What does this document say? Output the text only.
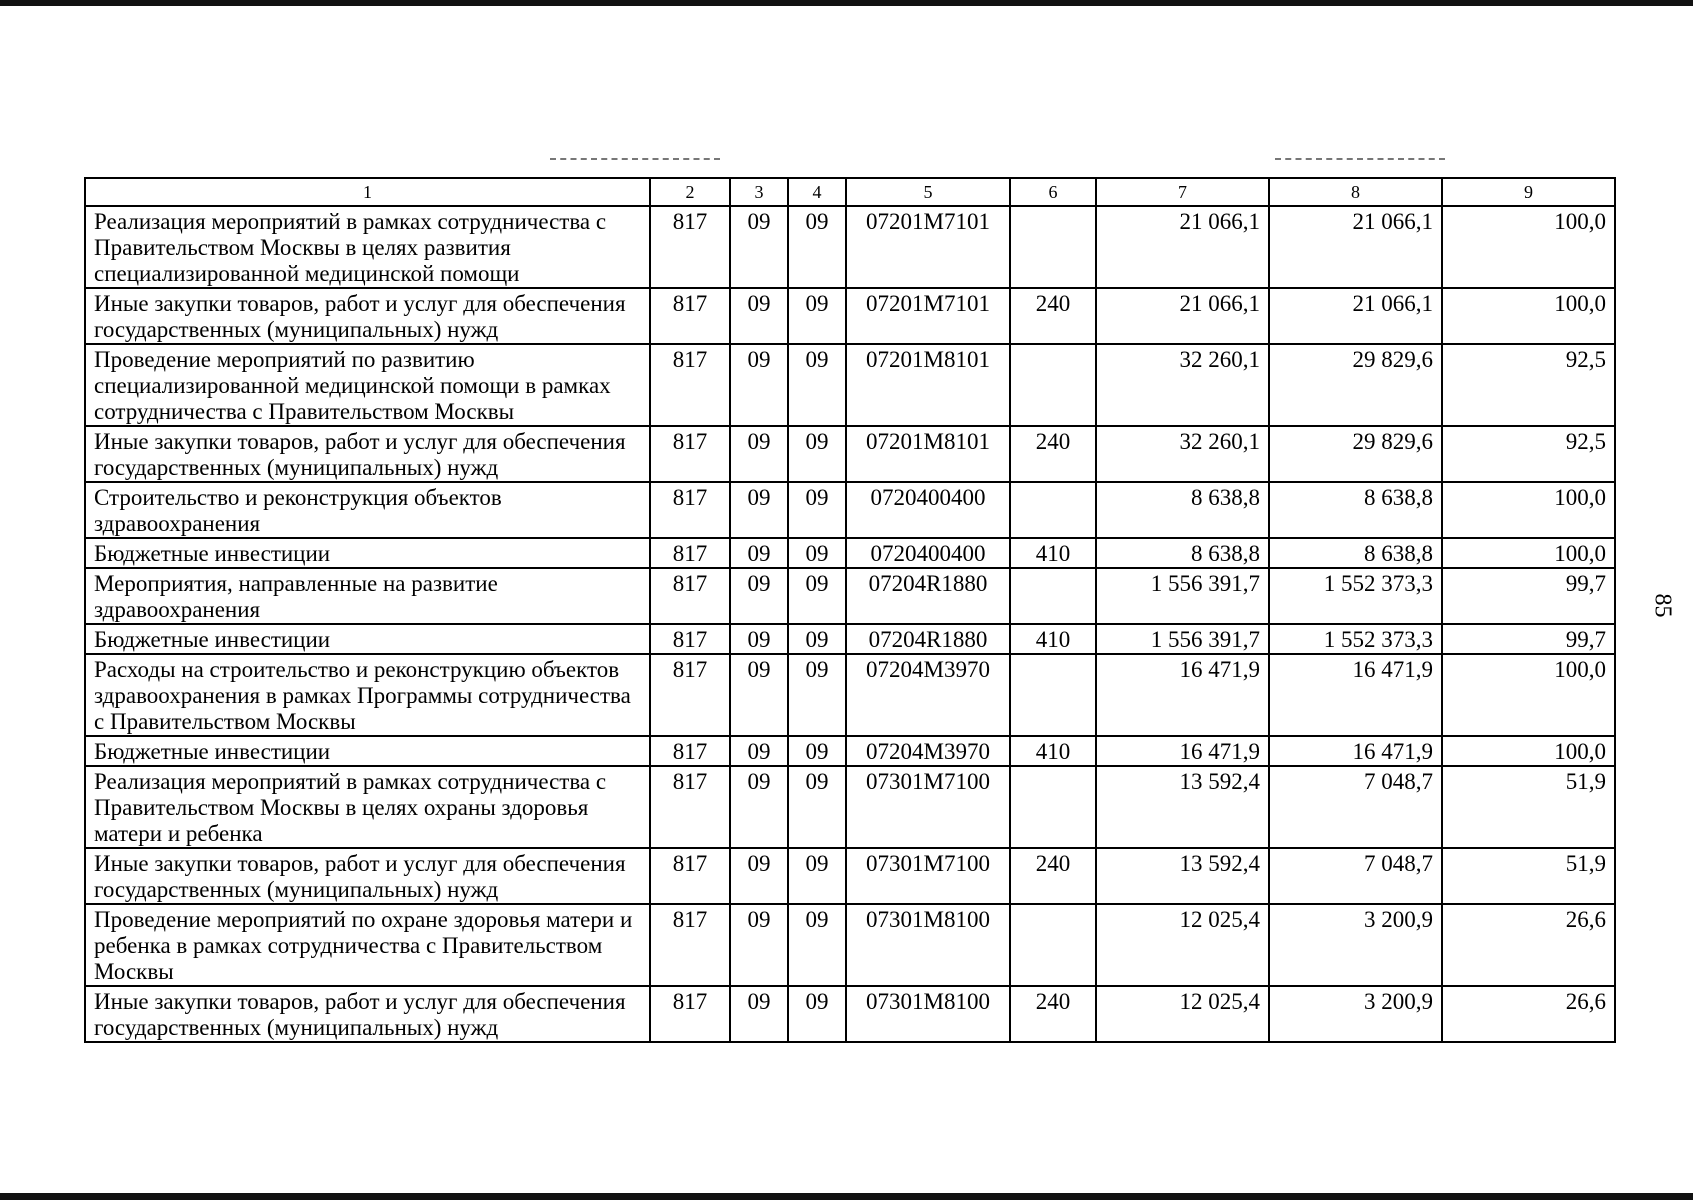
1	2	3	4	5	6	7	8	9
Реализация мероприятий в рамках сотрудничества с Правительством Москвы в целях развития специализированной медицинской помощи	817	09	09	07201M7101		21 066,1	21 066,1	100,0
Иные закупки товаров, работ и услуг для обеспечения государственных (муниципальных) нужд	817	09	09	07201M7101	240	21 066,1	21 066,1	100,0
Проведение мероприятий по развитию специализированной медицинской помощи в рамках сотрудничества с Правительством Москвы	817	09	09	07201M8101		32 260,1	29 829,6	92,5
Иные закупки товаров, работ и услуг для обеспечения государственных (муниципальных) нужд	817	09	09	07201M8101	240	32 260,1	29 829,6	92,5
Строительство и реконструкция объектов здравоохранения	817	09	09	0720400400		8 638,8	8 638,8	100,0
Бюджетные инвестиции	817	09	09	0720400400	410	8 638,8	8 638,8	100,0
Мероприятия, направленные на развитие здравоохранения	817	09	09	07204R1880		1 556 391,7	1 552 373,3	99,7
Бюджетные инвестиции	817	09	09	07204R1880	410	1 556 391,7	1 552 373,3	99,7
Расходы на строительство и реконструкцию объектов здравоохранения в рамках Программы сотрудничества с Правительством Москвы	817	09	09	07204M3970		16 471,9	16 471,9	100,0
Бюджетные инвестиции	817	09	09	07204M3970	410	16 471,9	16 471,9	100,0
Реализация мероприятий в рамках сотрудничества с Правительством Москвы в целях охраны здоровья матери и ребенка	817	09	09	07301M7100		13 592,4	7 048,7	51,9
Иные закупки товаров, работ и услуг для обеспечения государственных (муниципальных) нужд	817	09	09	07301M7100	240	13 592,4	7 048,7	51,9
Проведение мероприятий по охране здоровья матери и ребенка в рамках сотрудничества с Правительством Москвы	817	09	09	07301M8100		12 025,4	3 200,9	26,6
Иные закупки товаров, работ и услуг для обеспечения государственных (муниципальных) нужд	817	09	09	07301M8100	240	12 025,4	3 200,9	26,6
85
